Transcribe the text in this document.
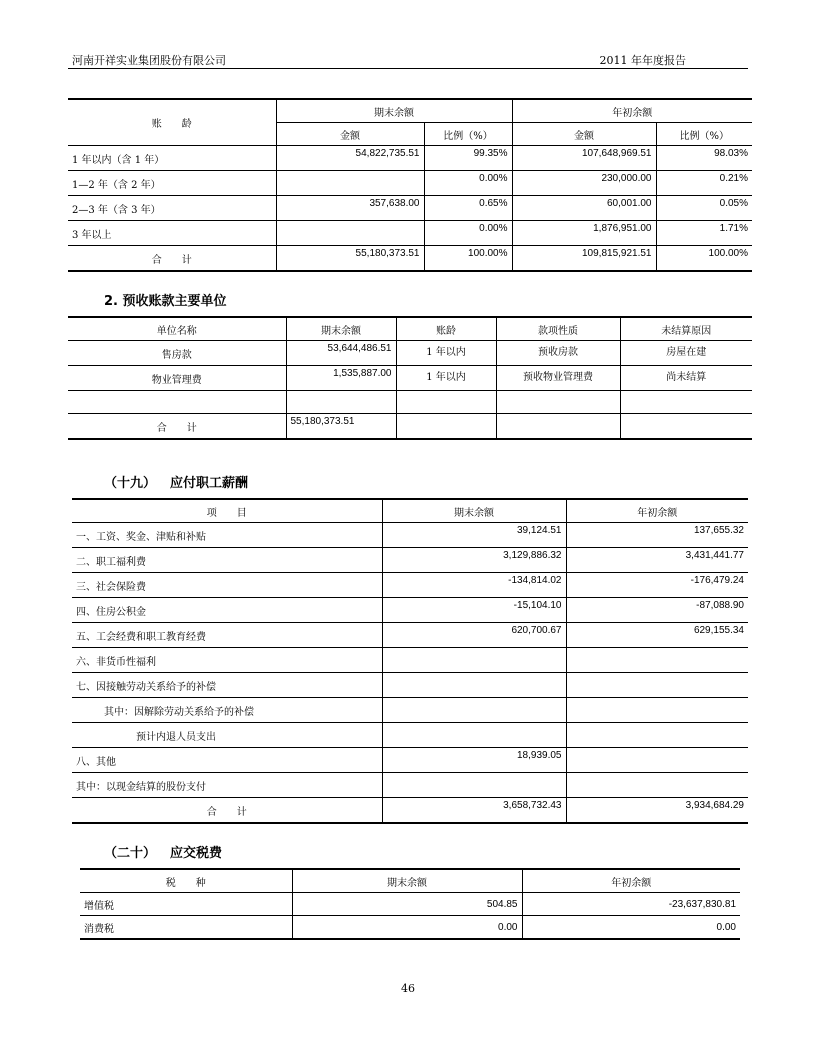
河南开祥实业集团股份有限公司	2011 年年度报告
账　　龄	期末余额		年初余额	
	金额	比例（%）	金额	比例（%）
1 年以内（含 1 年）	54,822,735.51	99.35%	107,648,969.51	98.03%
1—2 年（含 2 年）		0.00%	230,000.00	0.21%
2—3 年（含 3 年）	357,638.00	0.65%	60,001.00	0.05%
3 年以上		0.00%	1,876,951.00	1.71%
合　　计	55,180,373.51	100.00%	109,815,921.51	100.00%
2. 预收账款主要单位
单位名称	期末余额	账龄	款项性质	未结算原因
售房款	53,644,486.51	1 年以内	预收房款	房屋在建
物业管理费	1,535,887.00	1 年以内	预收物业管理费	尚未结算

合　　计	55,180,373.51			
（十九） 应付职工薪酬
项　　目	期末余额	年初余额
一、工资、奖金、津贴和补贴	39,124.51	137,655.32
二、职工福利费	3,129,886.32	3,431,441.77
三、社会保险费	-134,814.02	-176,479.24
四、住房公积金	-15,104.10	-87,088.90
五、工会经费和职工教育经费	620,700.67	629,155.34
六、非货币性福利		
七、因接触劳动关系给予的补偿		
其中：因解除劳动关系给予的补偿		
预计内退人员支出		
八、其他	18,939.05	
其中：以现金结算的股份支付		
合　　计	3,658,732.43	3,934,684.29
（二十） 应交税费
税　　种	期末余额	年初余额
增值税	504.85	-23,637,830.81
消费税	0.00	0.00
46
